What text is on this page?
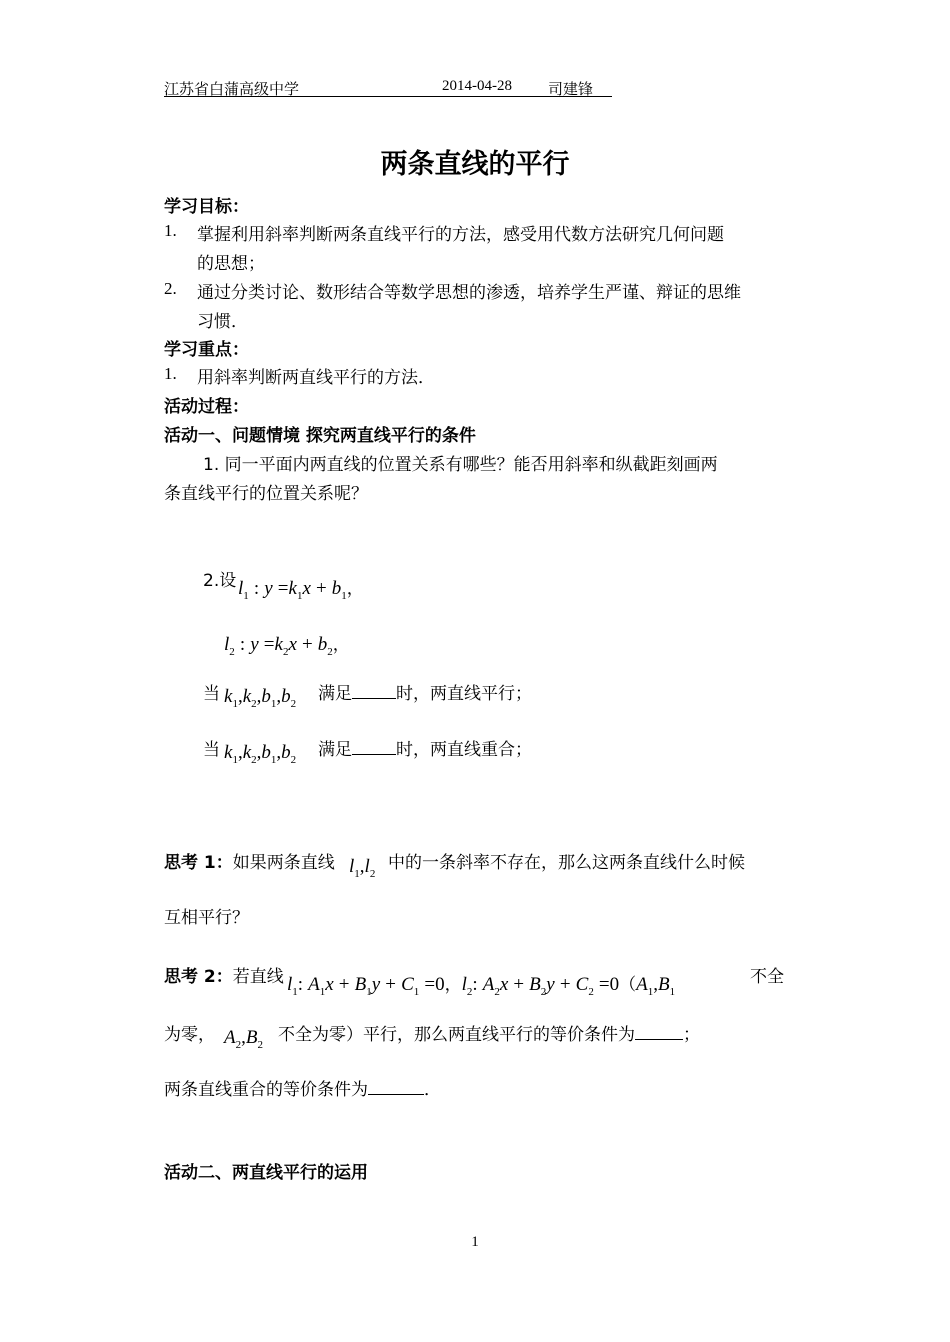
江苏省白蒲高级中学	2014-04-28 司建锋
两条直线的平行
学习目标：
1. 掌握利用斜率判断两条直线平行的方法，感受用代数方法研究几何问题
的思想；
2. 通过分类讨论、数形结合等数学思想的渗透，培养学生严谨、辩证的思维
习惯．
学习重点：
1. 用斜率判断两直线平行的方法．
活动过程：
活动一、问题情境 探究两直线平行的条件
1. 同一平面内两直线的位置关系有哪些？能否用斜率和纵截距刻画两
条直线平行的位置关系呢？
2.设 $l_1$ : $y =k_1x + b_1$，
$l_2$ : $y =k_2x + b_2$，
当 $k_1,k_2,b_1,b_2$ 满足	时，两直线平行；
当 $k_1,k_2,b_1,b_2$ 满足	时，两直线重合；
思考 1：如果两条直线 $l_1,l_2$
中的一条斜率不存在，那么这两条直线什么时候
互相平行？
思考 2：若直线 $l_1$: $A_1x + B_1y + C_1 =0$，$l_2$: $A_2x + B_2y + C_2 =0(A_1,B_1$
不全
为零， $A_2,B_2$ 不全为零）平行，那么两直线平行的等价条件为	；
两条直线重合的等价条件为	．
活动二、两直线平行的运用
1
